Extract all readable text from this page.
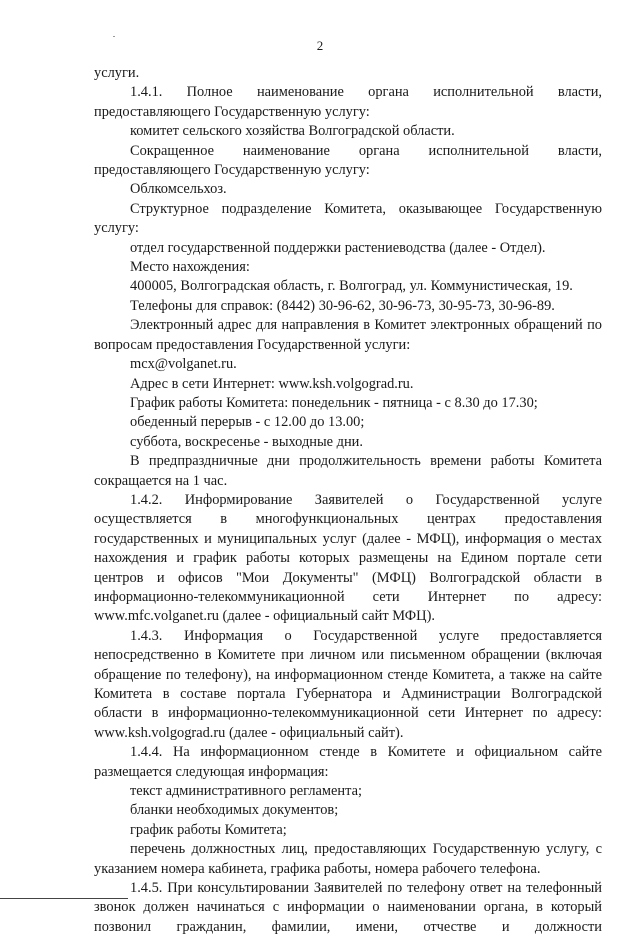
2

услуги.

1.4.1. Полное наименование органа исполнительной власти, предоставляющего Государственную услугу:

комитет сельского хозяйства Волгоградской области.

Сокращенное наименование органа исполнительной власти, предоставляющего Государственную услугу:

Облкомсельхоз.

Структурное подразделение Комитета, оказывающее Государственную услугу:

отдел государственной поддержки растениеводства (далее - Отдел).

Место нахождения:

400005, Волгоградская область, г. Волгоград, ул. Коммунистическая, 19.

Телефоны для справок: (8442) 30-96-62, 30-96-73, 30-95-73, 30-96-89.

Электронный адрес для направления в Комитет электронных обращений по вопросам предоставления Государственной услуги:

mcx@volganet.ru.

Адрес в сети Интернет: www.ksh.volgograd.ru.

График работы Комитета: понедельник - пятница - с 8.30 до 17.30;

обеденный перерыв - с 12.00 до 13.00;

суббота, воскресенье - выходные дни.

В предпраздничные дни продолжительность времени работы Комитета сокращается на 1 час.

1.4.2. Информирование Заявителей о Государственной услуге осуществляется в многофункциональных центрах предоставления государственных и муниципальных услуг (далее - МФЦ), информация о местах нахождения и график работы которых размещены на Едином портале сети центров и офисов "Мои Документы" (МФЦ) Волгоградской области в информационно-телекоммуникационной сети Интернет по адресу: www.mfc.volganet.ru (далее - официальный сайт МФЦ).

1.4.3. Информация о Государственной услуге предоставляется непосредственно в Комитете при личном или письменном обращении (включая обращение по телефону), на информационном стенде Комитета, а также на сайте Комитета в составе портала Губернатора и Администрации Волгоградской области в информационно-телекоммуникационной сети Интернет по адресу: www.ksh.volgograd.ru (далее - официальный сайт).

1.4.4. На информационном стенде в Комитете и официальном сайте размещается следующая информация:

текст административного регламента;

бланки необходимых документов;

график работы Комитета;

перечень должностных лиц, предоставляющих Государственную услугу, с указанием номера кабинета, графика работы, номера рабочего телефона.

1.4.5. При консультировании Заявителей по телефону ответ на телефонный звонок должен начинаться с информации о наименовании органа, в который позвонил гражданин, фамилии, имени, отчестве и должности
